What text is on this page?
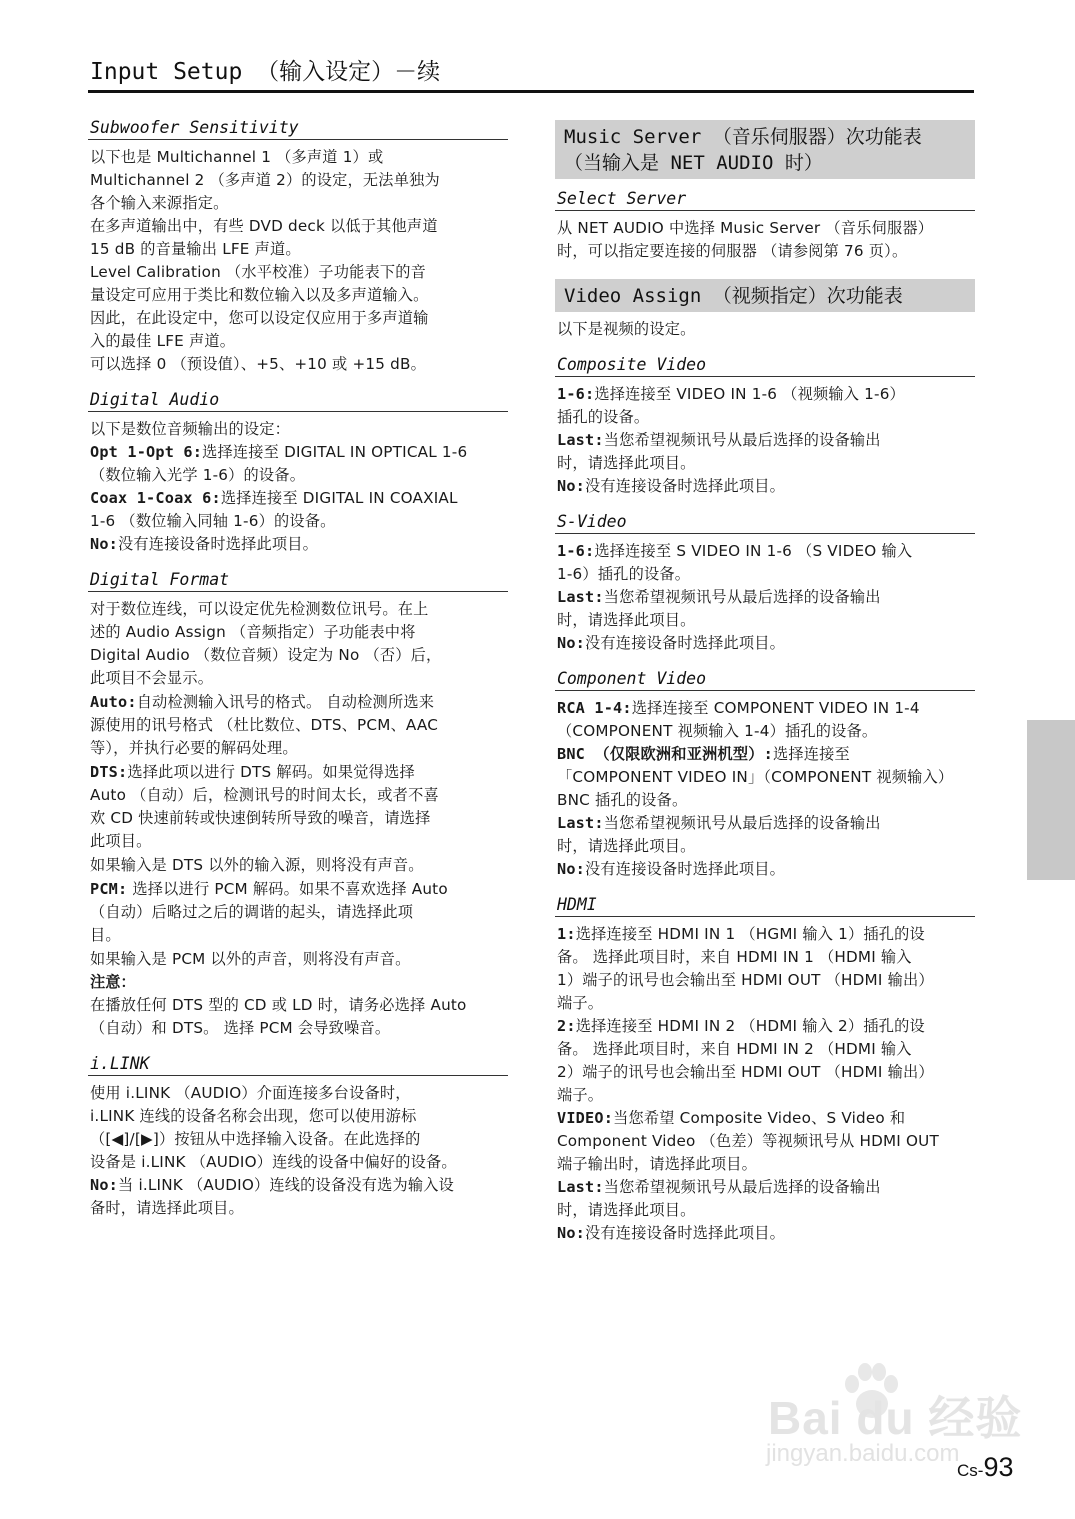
Input Setup （输入设定）－续
Subwoofer Sensitivity

以下也是 Multichannel 1 （多声道 1）或

Multichannel 2 （多声道 2）的设定，无法单独为

各个输入来源指定。

在多声道输出中，有些 DVD deck 以低于其他声道

15 dB 的音量输出 LFE 声道。

Level Calibration （水平校准）子功能表下的音

量设定可应用于类比和数位输入以及多声道输入。

因此，在此设定中，您可以设定仅应用于多声道输

入的最佳 LFE 声道。

可以选择 0 （预设值）、+5、+10 或 +15 dB。

Digital Audio

以下是数位音频输出的设定：

Opt 1-Opt 6:选择连接至 DIGITAL IN OPTICAL 1-6

（数位输入光学 1-6）的设备。

Coax 1-Coax 6:选择连接至 DIGITAL IN COAXIAL

1-6 （数位输入同轴 1-6）的设备。

No:没有连接设备时选择此项目。

Digital Format

对于数位连线，可以设定优先检测数位讯号。在上

述的 Audio Assign （音频指定）子功能表中将

Digital Audio （数位音频）设定为 No （否）后，

此项目不会显示。

Auto:自动检测输入讯号的格式。 自动检测所选来

源使用的讯号格式 （杜比数位、DTS、PCM、AAC

等），并执行必要的解码处理。

DTS:选择此项以进行 DTS 解码。如果觉得选择

Auto （自动）后，检测讯号的时间太长，或者不喜

欢 CD 快速前转或快速倒转所导致的噪音，请选择

此项目。

如果输入是 DTS 以外的输入源，则将没有声音。

PCM: 选择以进行 PCM 解码。如果不喜欢选择 Auto

（自动）后略过之后的调谐的起头，请选择此项

目。

如果输入是 PCM 以外的声音，则将没有声音。

注意：

在播放任何 DTS 型的 CD 或 LD 时，请务必选择 Auto

（自动）和 DTS。 选择 PCM 会导致噪音。

i.LINK

使用 i.LINK （AUDIO）介面连接多台设备时，

i.LINK 连线的设备名称会出现，您可以使用游标

（[◀]/[▶]）按钮从中选择输入设备。在此选择的

设备是 i.LINK （AUDIO）连线的设备中偏好的设备。

No:当 i.LINK （AUDIO）连线的设备没有选为输入设

备时，请选择此项目。

Music Server （音乐伺服器）次功能表
（当输入是 NET AUDIO 时）
Select Server

从 NET AUDIO 中选择 Music Server （音乐伺服器）

时，可以指定要连接的伺服器 （请参阅第 76 页）。

Video Assign （视频指定）次功能表

以下是视频的设定。

Composite Video

1-6:选择连接至 VIDEO IN 1-6 （视频输入 1-6）

插孔的设备。

Last:当您希望视频讯号从最后选择的设备输出

时，请选择此项目。

No:没有连接设备时选择此项目。

S-Video

1-6:选择连接至 S VIDEO IN 1-6 （S VIDEO 输入

1-6）插孔的设备。

Last:当您希望视频讯号从最后选择的设备输出

时，请选择此项目。

No:没有连接设备时选择此项目。

Component Video

RCA 1-4:选择连接至 COMPONENT VIDEO IN 1-4

（COMPONENT 视频输入 1-4）插孔的设备。

BNC （仅限欧洲和亚洲机型）:选择连接至

「COMPONENT VIDEO IN」（COMPONENT 视频输入）

BNC 插孔的设备。

Last:当您希望视频讯号从最后选择的设备输出

时，请选择此项目。

No:没有连接设备时选择此项目。

HDMI

1:选择连接至 HDMI IN 1 （HGMI 输入 1）插孔的设

备。 选择此项目时，来自 HDMI IN 1 （HDMI 输入

1）端子的讯号也会输出至 HDMI OUT （HDMI 输出）

端子。

2:选择连接至 HDMI IN 2 （HDMI 输入 2）插孔的设

备。 选择此项目时，来自 HDMI IN 2 （HDMI 输入

2）端子的讯号也会输出至 HDMI OUT （HDMI 输出）

端子。

VIDEO:当您希望 Composite Video、S Video 和

Component Video （色差）等视频讯号从 HDMI OUT

端子输出时，请选择此项目。

Last:当您希望视频讯号从最后选择的设备输出

时，请选择此项目。

No:没有连接设备时选择此项目。

Bai du 经验
jingyan.baidu.com
Cs-93
